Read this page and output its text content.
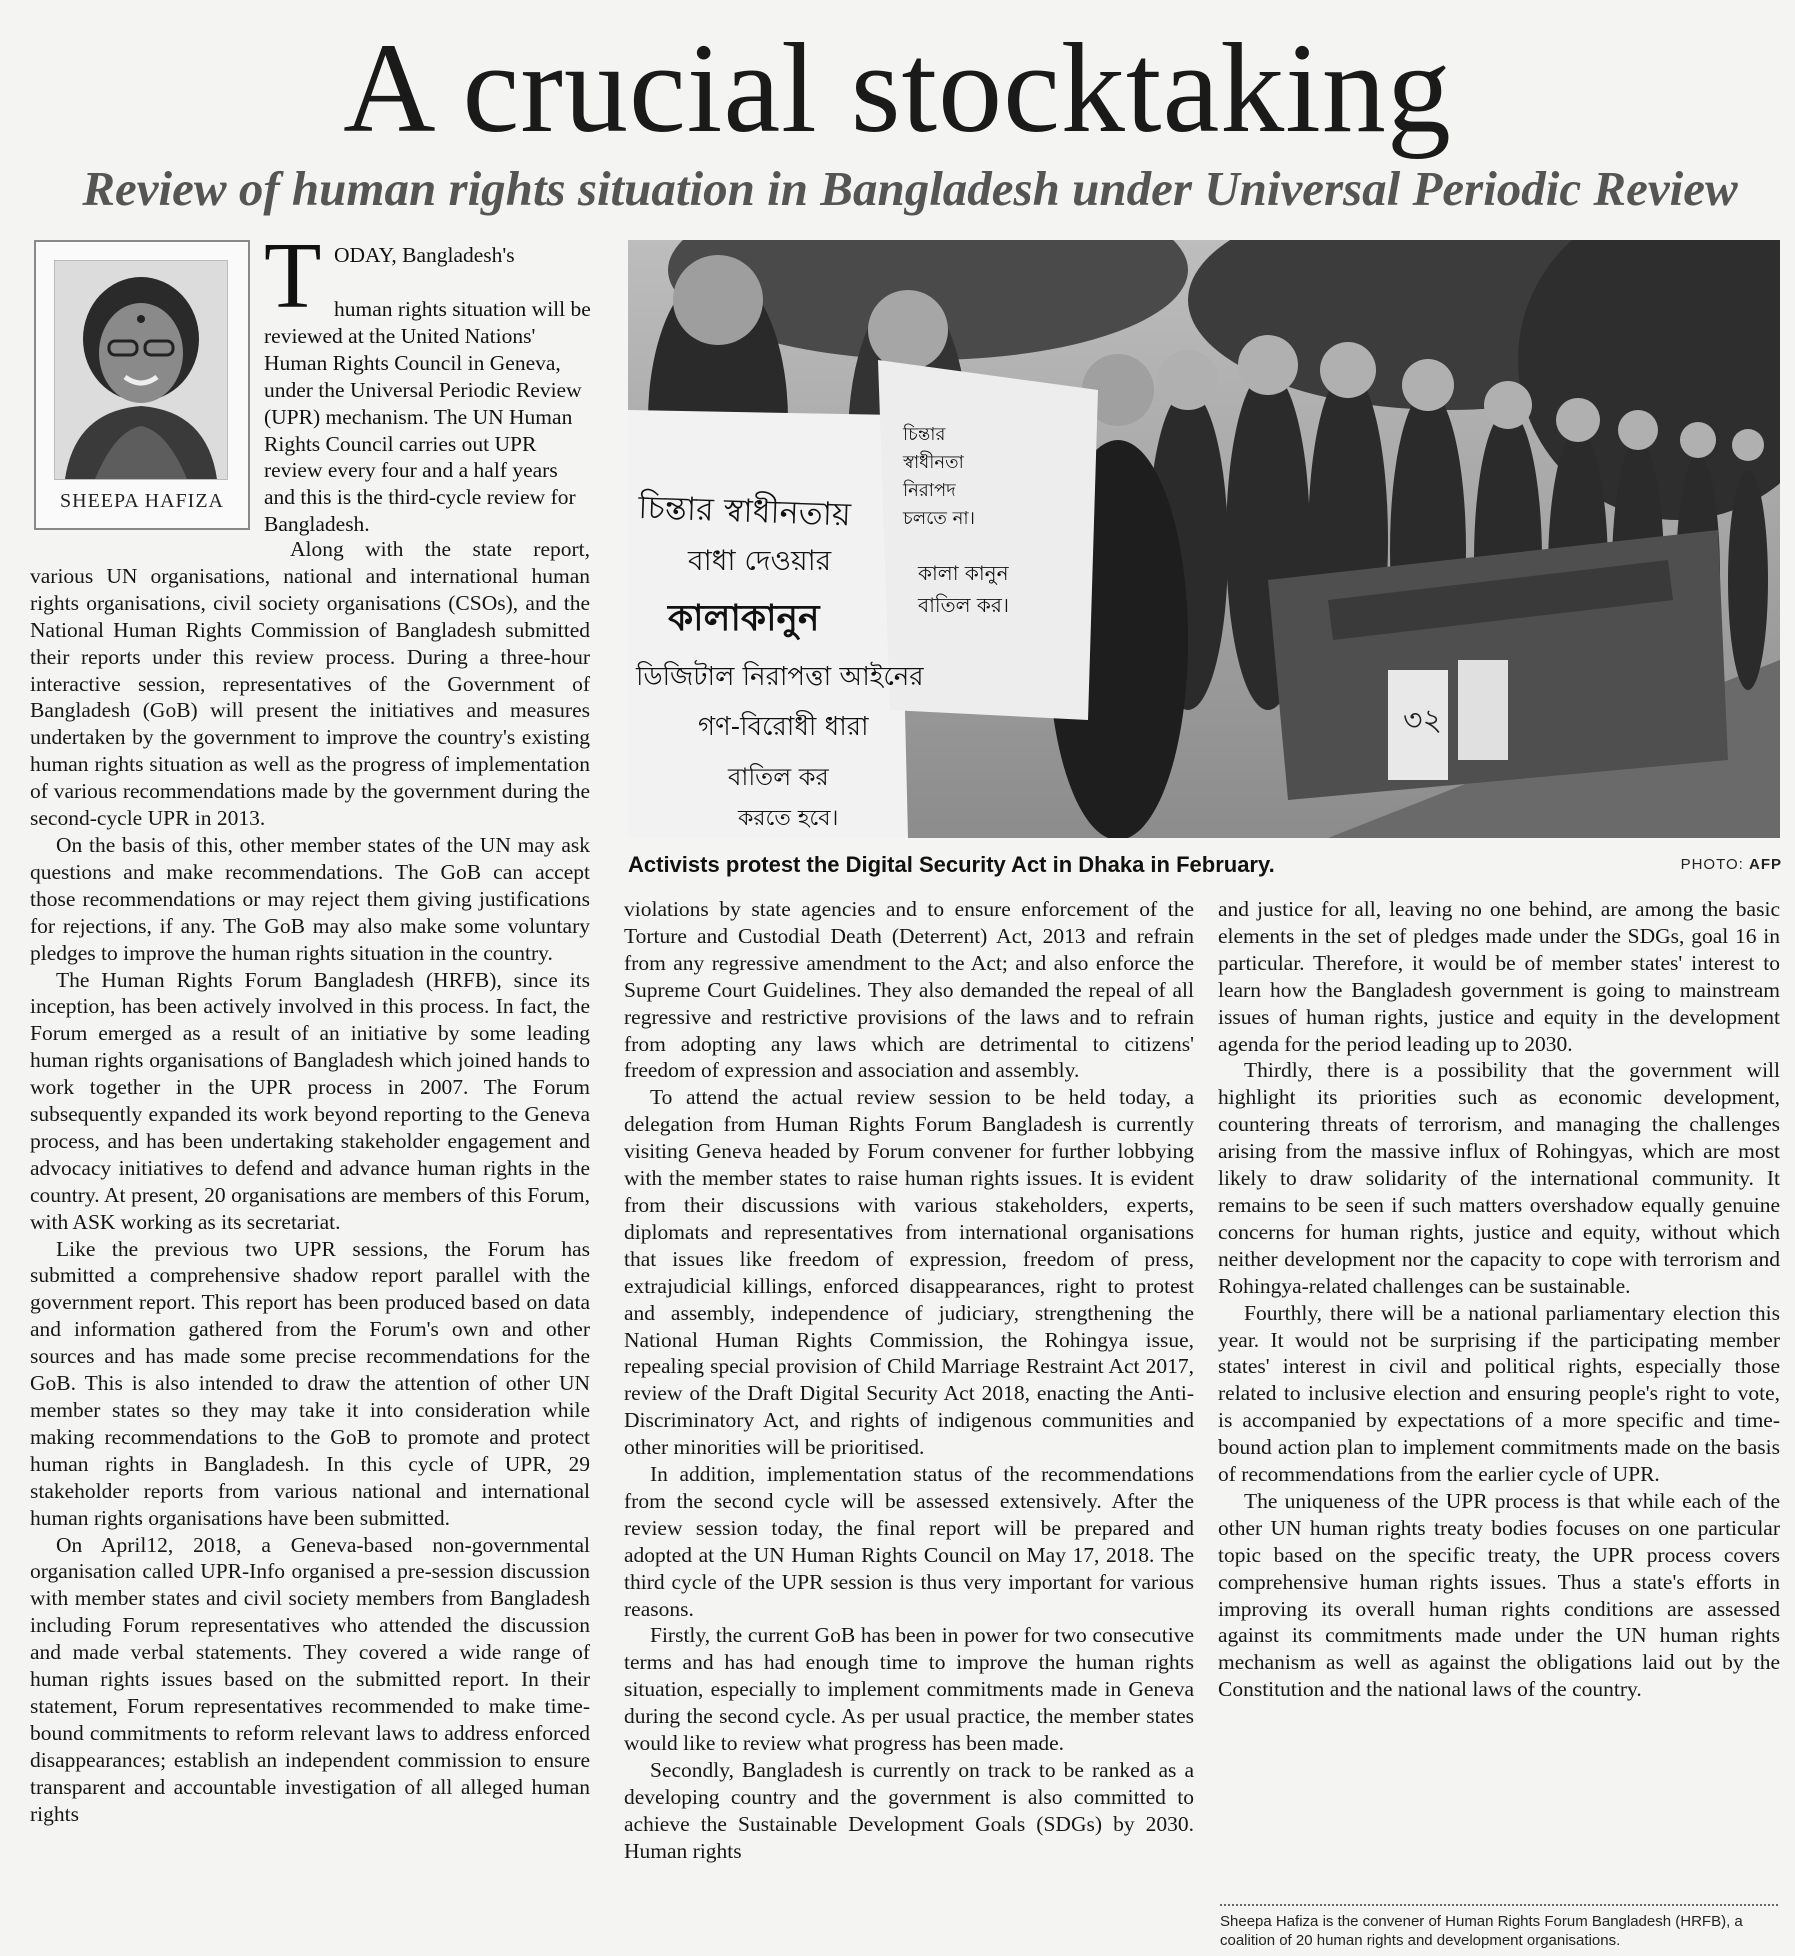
A crucial stocktaking
Review of human rights situation in Bangladesh under Universal Periodic Review
SHEEPA HAFIZA
T ODAY, Bangladesh's
human rights situation will be reviewed at the United Nations' Human Rights Council in Geneva, under the Universal Periodic Review (UPR) mechanism. The UN Human Rights Council carries out UPR review every four and a half years and this is the third-cycle review for Bangladesh.
৩২
চিন্তার স্বাধীনতায়
বাধা দেওয়ার
কালাকানুন
ডিজিটাল নিরাপত্তা আইনের
গণ-বিরোধী ধারা
বাতিল কর
করতে হবে।
চিন্তার
স্বাধীনতা
নিরাপদ
চলতে না।
কালা কানুন
বাতিল কর।
Activists protest the Digital Security Act in Dhaka in February.	PHOTO: AFP

Along with the state report, various UN organisations, national and international human rights organisations, civil society organisations (CSOs), and the National Human Rights Commission of Bangladesh submitted their reports under this review process. During a three-hour interactive session, representatives of the Government of Bangladesh (GoB) will present the initiatives and measures undertaken by the government to improve the country's existing human rights situation as well as the progress of implementation of various recommendations made by the government during the second-cycle UPR in 2013.

On the basis of this, other member states of the UN may ask questions and make recommendations. The GoB can accept those recommendations or may reject them giving justifications for rejections, if any. The GoB may also make some voluntary pledges to improve the human rights situation in the country.

The Human Rights Forum Bangladesh (HRFB), since its inception, has been actively involved in this process. In fact, the Forum emerged as a result of an initiative by some leading human rights organisations of Bangladesh which joined hands to work together in the UPR process in 2007. The Forum subsequently expanded its work beyond reporting to the Geneva process, and has been undertaking stakeholder engagement and advocacy initiatives to defend and advance human rights in the country. At present, 20 organisations are members of this Forum, with ASK working as its secretariat.

Like the previous two UPR sessions, the Forum has submitted a comprehensive shadow report parallel with the government report. This report has been produced based on data and information gathered from the Forum's own and other sources and has made some precise recommendations for the GoB. This is also intended to draw the attention of other UN member states so they may take it into consideration while making recommendations to the GoB to promote and protect human rights in Bangladesh. In this cycle of UPR, 29 stakeholder reports from various national and international human rights organisations have been submitted.

On April12, 2018, a Geneva-based non-governmental organisation called UPR-Info organised a pre-session discussion with member states and civil society members from Bangladesh including Forum representatives who attended the discussion and made verbal statements. They covered a wide range of human rights issues based on the submitted report. In their statement, Forum representatives recommended to make time-bound commitments to reform relevant laws to address enforced disappearances; establish an independent commission to ensure transparent and accountable investigation of all alleged human rights

violations by state agencies and to ensure enforcement of the Torture and Custodial Death (Deterrent) Act, 2013 and refrain from any regressive amendment to the Act; and also enforce the Supreme Court Guidelines. They also demanded the repeal of all regressive and restrictive provisions of the laws and to refrain from adopting any laws which are detrimental to citizens' freedom of expression and association and assembly.

To attend the actual review session to be held today, a delegation from Human Rights Forum Bangladesh is currently visiting Geneva headed by Forum convener for further lobbying with the member states to raise human rights issues. It is evident from their discussions with various stakeholders, experts, diplomats and representatives from international organisations that issues like freedom of expression, freedom of press, extrajudicial killings, enforced disappearances, right to protest and assembly, independence of judiciary, strengthening the National Human Rights Commission, the Rohingya issue, repealing special provision of Child Marriage Restraint Act 2017, review of the Draft Digital Security Act 2018, enacting the Anti-Discriminatory Act, and rights of indigenous communities and other minorities will be prioritised.

In addition, implementation status of the recommendations from the second cycle will be assessed extensively. After the review session today, the final report will be prepared and adopted at the UN Human Rights Council on May 17, 2018. The third cycle of the UPR session is thus very important for various reasons.

Firstly, the current GoB has been in power for two consecutive terms and has had enough time to improve the human rights situation, especially to implement commitments made in Geneva during the second cycle. As per usual practice, the member states would like to review what progress has been made.

Secondly, Bangladesh is currently on track to be ranked as a developing country and the government is also committed to achieve the Sustainable Development Goals (SDGs) by 2030. Human rights

and justice for all, leaving no one behind, are among the basic elements in the set of pledges made under the SDGs, goal 16 in particular. Therefore, it would be of member states' interest to learn how the Bangladesh government is going to mainstream issues of human rights, justice and equity in the development agenda for the period leading up to 2030.

Thirdly, there is a possibility that the government will highlight its priorities such as economic development, countering threats of terrorism, and managing the challenges arising from the massive influx of Rohingyas, which are most likely to draw solidarity of the international community. It remains to be seen if such matters overshadow equally genuine concerns for human rights, justice and equity, without which neither development nor the capacity to cope with terrorism and Rohingya-related challenges can be sustainable.

Fourthly, there will be a national parliamentary election this year. It would not be surprising if the participating member states' interest in civil and political rights, especially those related to inclusive election and ensuring people's right to vote, is accompanied by expectations of a more specific and time-bound action plan to implement commitments made on the basis of recommendations from the earlier cycle of UPR.

The uniqueness of the UPR process is that while each of the other UN human rights treaty bodies focuses on one particular topic based on the specific treaty, the UPR process covers comprehensive human rights issues. Thus a state's efforts in improving its overall human rights conditions are assessed against its commitments made under the UN human rights mechanism as well as against the obligations laid out by the Constitution and the national laws of the country.

Sheepa Hafiza is the convener of Human Rights Forum Bangladesh (HRFB), a coalition of 20 human rights and development organisations.
